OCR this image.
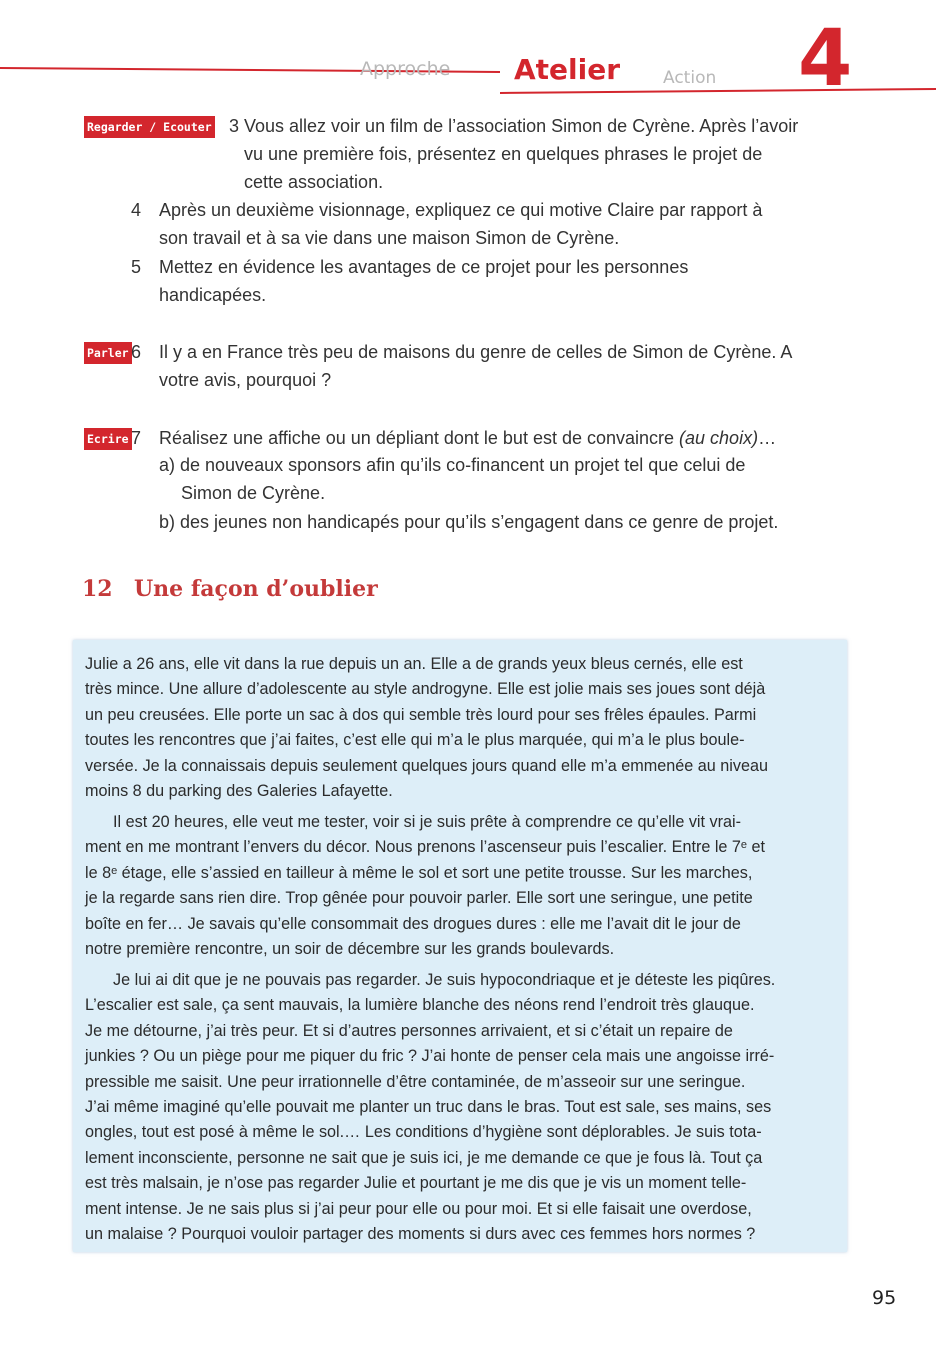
Approche Atelier	Action 4
Regarder / Ecouter 3 Vous allez voir un film de l’association Simon de Cyrène. Après l’avoir
vu une première fois, présentez en quelques phrases le projet de
cette association.
4 Après un deuxième visionnage, expliquez ce qui motive Claire par rapport à
son travail et à sa vie dans une maison Simon de Cyrène.
5 Mettez en évidence les avantages de ce projet pour les personnes
handicapées.
Parler 6 Il y a en France très peu de maisons du genre de celles de Simon de Cyrène. A
votre avis, pourquoi ?
Ecrire 7 Réalisez une affiche ou un dépliant dont le but est de convaincre (au choix)…
a) de nouveaux sponsors afin qu’ils co-financent un projet tel que celui de
Simon de Cyrène.
b) des jeunes non handicapés pour qu’ils s’engagent dans ce genre de projet.
12 Une façon d’oublier

Julie a 26 ans, elle vit dans la rue depuis un an. Elle a de grands yeux bleus cernés, elle est
très mince. Une allure d’adolescente au style androgyne. Elle est jolie mais ses joues sont déjà
un peu creusées. Elle porte un sac à dos qui semble très lourd pour ses frêles épaules. Parmi
toutes les rencontres que j’ai faites, c’est elle qui m’a le plus marquée, qui m’a le plus boule-
versée. Je la connaissais depuis seulement quelques jours quand elle m’a emmenée au niveau
moins 8 du parking des Galeries Lafayette.

Il est 20 heures, elle veut me tester, voir si je suis prête à comprendre ce qu’elle vit vrai-
ment en me montrant l’envers du décor. Nous prenons l’ascenseur puis l’escalier. Entre le 7ᵉ et
le 8ᵉ étage, elle s’assied en tailleur à même le sol et sort une petite trousse. Sur les marches,
je la regarde sans rien dire. Trop gênée pour pouvoir parler. Elle sort une seringue, une petite
boîte en fer… Je savais qu’elle consommait des drogues dures : elle me l’avait dit le jour de
notre première rencontre, un soir de décembre sur les grands boulevards.

Je lui ai dit que je ne pouvais pas regarder. Je suis hypocondriaque et je déteste les piqûres.
L’escalier est sale, ça sent mauvais, la lumière blanche des néons rend l’endroit très glauque.
Je me détourne, j’ai très peur. Et si d’autres personnes arrivaient, et si c’était un repaire de
junkies ? Ou un piège pour me piquer du fric ? J’ai honte de penser cela mais une angoisse irré-
pressible me saisit. Une peur irrationnelle d’être contaminée, de m’asseoir sur une seringue.
J’ai même imaginé qu’elle pouvait me planter un truc dans le bras. Tout est sale, ses mains, ses
ongles, tout est posé à même le sol.… Les conditions d’hygiène sont déplorables. Je suis tota-
lement inconsciente, personne ne sait que je suis ici, je me demande ce que je fous là. Tout ça
est très malsain, je n’ose pas regarder Julie et pourtant je me dis que je vis un moment telle-
ment intense. Je ne sais plus si j’ai peur pour elle ou pour moi. Et si elle faisait une overdose,
un malaise ? Pourquoi vouloir partager des moments si durs avec ces femmes hors normes ?

95
